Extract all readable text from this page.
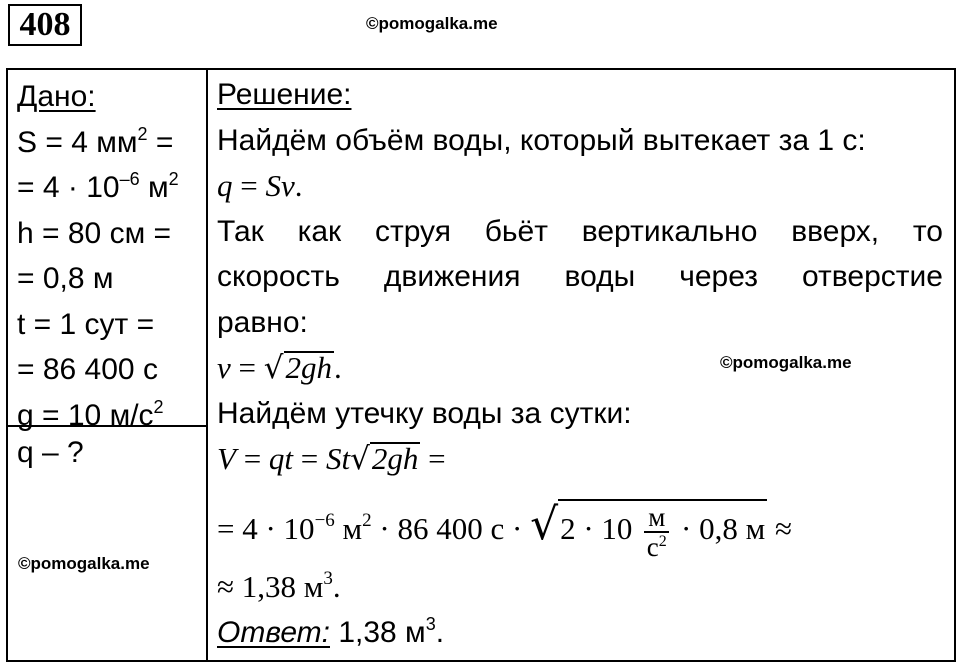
408	©pomogalka.me
Дано:
S = 4 $мм^2$ =
= $4 \cdot 10^{-6}$ $м^2$
h = 80 см =
= 0,8 м
t = 1 сут =
= 86 400 с
g = 10 $м/с^2$
q – ?
©pomogalka.me
Решение:
Найдём объём воды, который вытекает за 1 с:
q = Sv.
Так как струя бьёт вертикально вверх, то
скорость движения воды через отверстие
равно:
v = √2gh.
Найдём утечку воды за сутки:
V = qt = St√2gh =
= $4 \cdot 10^{-6}$ $м^2 \cdot 86$ 400 $с \cdot √2 \cdot 10 \frac{м}{с^2} \cdot 0,8$ м ≈
≈ 1,38 $м^3$.
Ответ: 1,38 $м^3$.
©pomogalka.me
